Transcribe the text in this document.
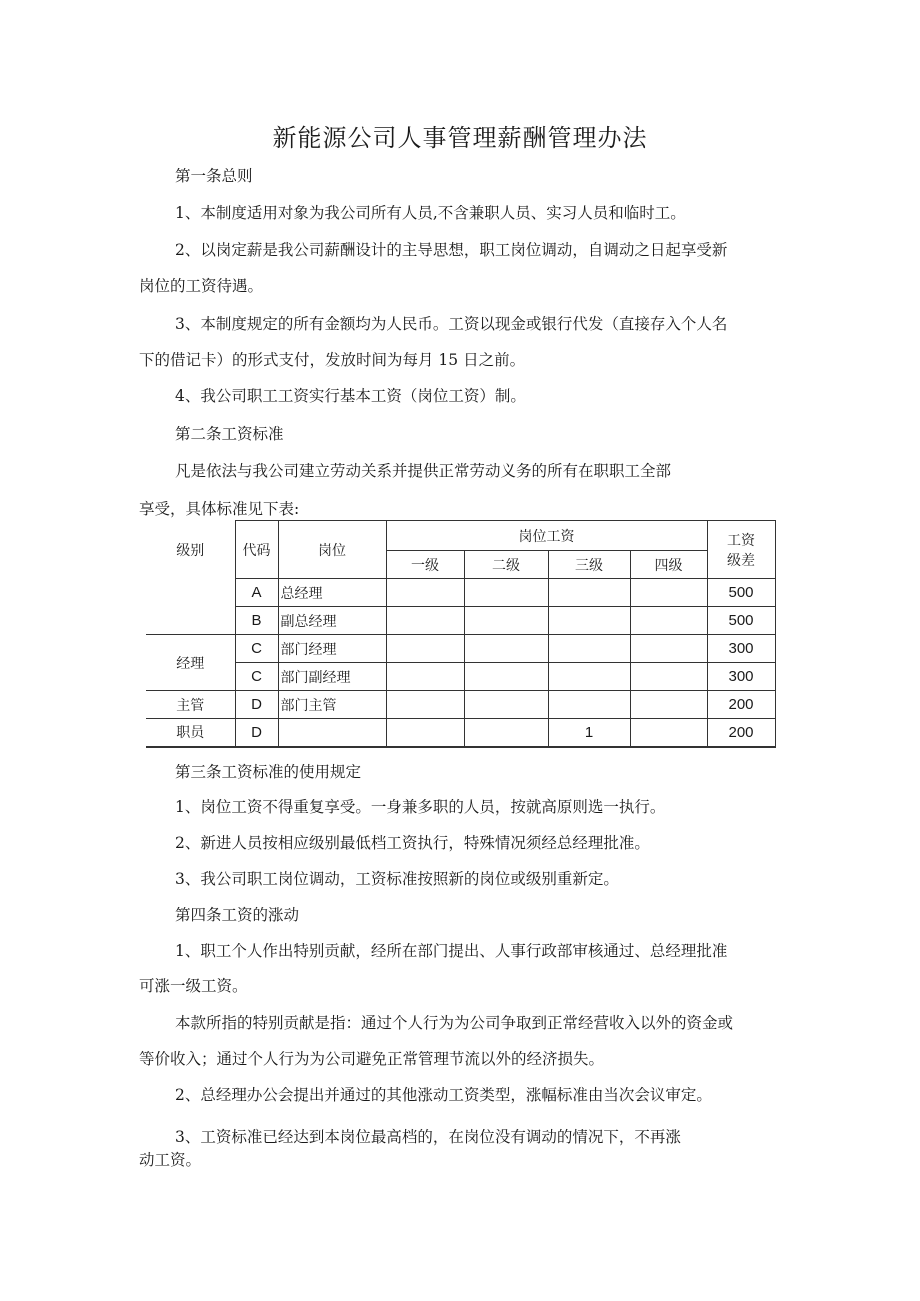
新能源公司人事管理薪酬管理办法
第一条总则
1、本制度适用对象为我公司所有人员,不含兼职人员、实习人员和临时工。
2、以岗定薪是我公司薪酬设计的主导思想，职工岗位调动，自调动之日起享受新
岗位的工资待遇。
3、本制度规定的所有金额均为人民币。工资以现金或银行代发（直接存入个人名
下的借记卡）的形式支付，发放时间为每月 15 日之前。
4、我公司职工工资实行基本工资（岗位工资）制。
第二条工资标准
凡是依法与我公司建立劳动关系并提供正常劳动义务的所有在职职工全部
享受，具体标准见下表:
级别	代码	岗位	岗位工资				工资
级差

			一级	二级	三级	四级	
	A	总经理					500
	B	副总经理					500
经理	C	部门经理					300
	C	部门副经理					300
主管	D	部门主管					200
职员	D				1		200
第三条工资标准的使用规定
1、岗位工资不得重复享受。一身兼多职的人员，按就高原则选一执行。
2、新进人员按相应级别最低档工资执行，特殊情况须经总经理批准。
3、我公司职工岗位调动，工资标准按照新的岗位或级别重新定。
第四条工资的涨动
1、职工个人作出特别贡献，经所在部门提出、人事行政部审核通过、总经理批准
可涨一级工资。
本款所指的特别贡献是指：通过个人行为为公司争取到正常经营收入以外的资金或
等价收入；通过个人行为为公司避免正常管理节流以外的经济损失。
2、总经理办公会提出并通过的其他涨动工资类型，涨幅标准由当次会议审定。
3、工资标准已经达到本岗位最高档的，在岗位没有调动的情况下，不再涨
动工资。
